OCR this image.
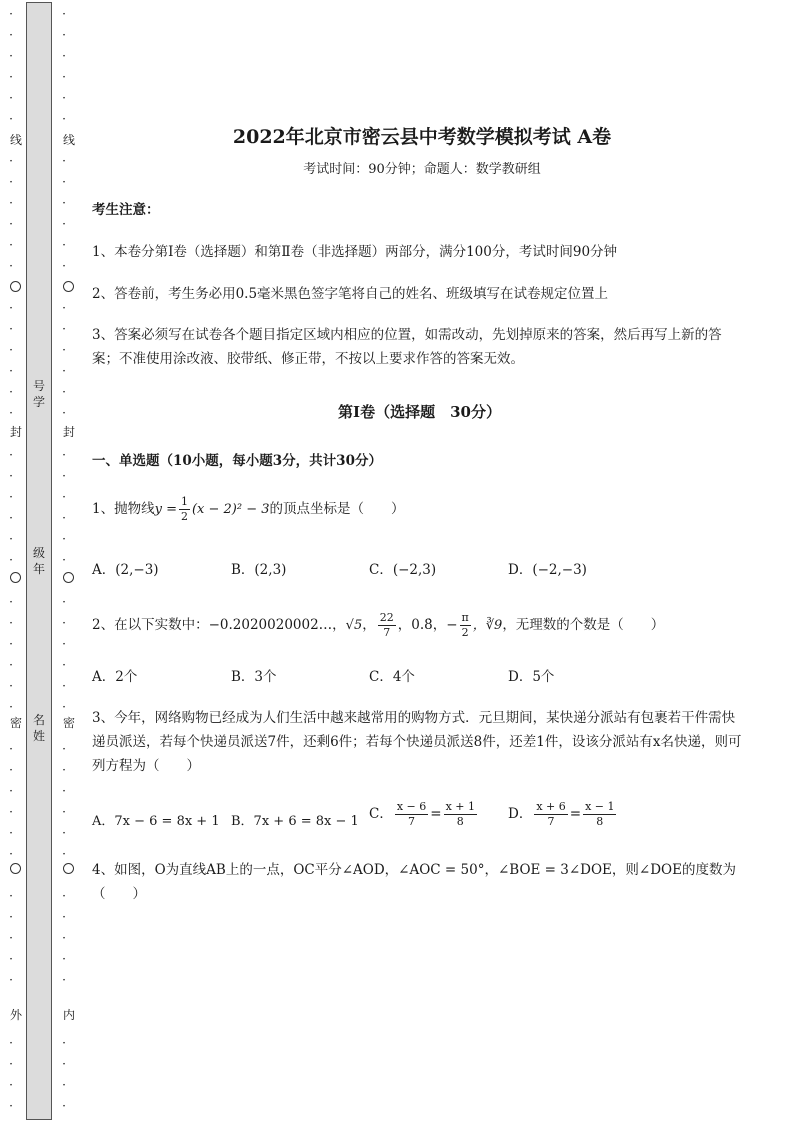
·
·
·
·
·
·
·
·
·
·
·
·
·
·
·
·
·
·
·
·
·
·
·
·
·
·
·
·
·
·
·
·
·
·
·
·
·
·
·
·
·
·
·
·
·
·
·
·
·
·
·
·
·
·
·
·
·
·
·
·
·
·
·
·
·
·
·
·
·
·
·
·
·
·
·
·
·
·
·
·
·
·
·
·
·
·
·
·
·
·
线
封
密
外
线
封
密
内
号学
级年
名姓
2022年北京市密云县中考数学模拟考试 A卷
考试时间：90分钟；命题人：数学教研组
考生注意：
1、本卷分第Ⅰ卷（选择题）和第Ⅱ卷（非选择题）两部分，满分100分，考试时间90分钟
2、答卷前，考生务必用0.5毫米黑色签字笔将自己的姓名、班级填写在试卷规定位置上
3、答案必须写在试卷各个题目指定区域内相应的位置，如需改动，先划掉原来的答案，然后再写上新的答案；不准使用涂改液、胶带纸、修正带，不按以上要求作答的答案无效。
第Ⅰ卷（选择题　30分）
一、单选题（10小题，每小题3分，共计30分）
1、抛物线$y = \frac{1}{2} (x - 2)^2 - 3$的顶点坐标是（　　）
A．(2,−3)	B．(2,3)	C．(−2,3)	D．(−2,−3)
2、在以下实数中：−0.2020020002…，√5， $\frac{22}{7}$ ，0.8̇，− $\frac{\pi}{2}$ ，∛9，无理数的个数是（　　）
A．2个	B．3个	C．4个	D．5个
3、今年，网络购物已经成为人们生活中越来越常用的购物方式．元旦期间，某快递分派站有包裹若干件需快递员派送，若每个快递员派送7件，还剩6件；若每个快递员派送8件，还差1件，设该分派站有x名快递，则可列方程为（　　）
A．7x − 6 = 8x + 1 B．7x + 6 = 8x − 1 C． $\frac{x - 6}{7} = \frac{x + 1}{8}$ D． $\frac{x + 6}{7} = \frac{x - 1}{8}$
4、如图，O为直线AB上的一点，OC平分∠AOD，∠AOC = 50°，∠BOE = 3∠DOE，则∠DOE的度数为（　　）
